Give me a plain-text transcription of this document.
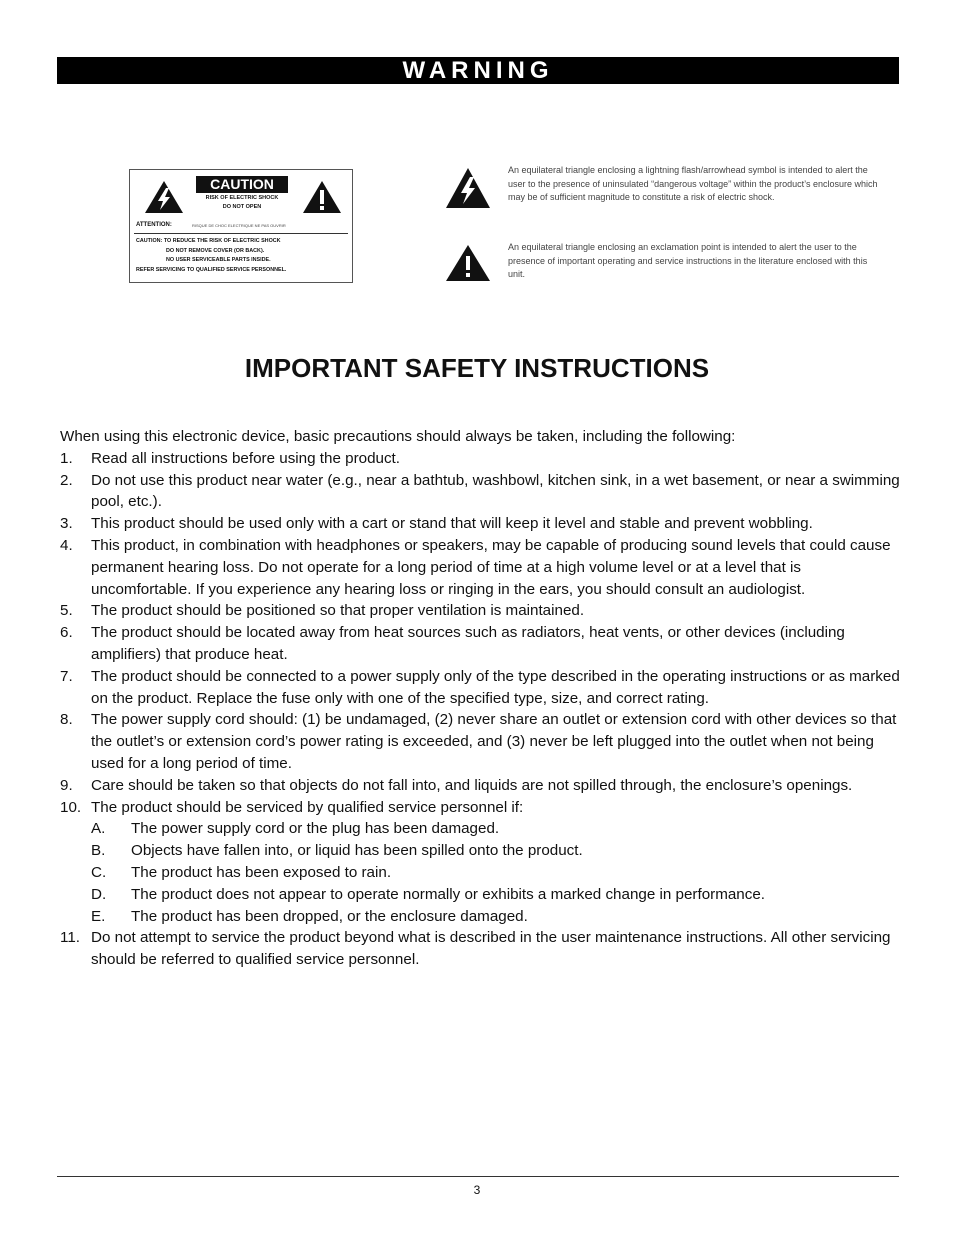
WARNING
CAUTION
RISK OF ELECTRIC SHOCK
DO NOT OPEN
ATTENTION:	RISQUE DE CHOC ELECTRIQUE NE PAS OUVRIR
CAUTION: TO REDUCE THE RISK OF ELECTRIC SHOCK
DO NOT REMOVE COVER (OR BACK).
NO USER SERVICEABLE PARTS INSIDE.
REFER SERVICING TO QUALIFIED SERVICE PERSONNEL.
An equilateral triangle enclosing a lightning flash/arrowhead symbol is intended to alert the user to the presence of uninsulated “dangerous voltage” within the product’s enclosure which may be of sufficient magnitude to constitute a risk of electric shock.
An equilateral triangle enclosing an exclamation point is intended to alert the user to the presence of important operating and service instructions in the literature enclosed with this unit.
IMPORTANT SAFETY INSTRUCTIONS

When using this electronic device, basic precautions should always be taken, including the following:

1.	Read all instructions before using the product.
2.	Do not use this product near water (e.g., near a bathtub, washbowl, kitchen sink, in a wet basement, or near a swimming pool, etc.).
3.	This product should be used only with a cart or stand that will keep it level and stable and prevent wobbling.
4.	This product, in combination with headphones or speakers, may be capable of producing sound levels that could cause permanent hearing loss. Do not operate for a long period of time at a high volume level or at a level that is uncomfortable. If you experience any hearing loss or ringing in the ears, you should consult an audiologist.
5.	The product should be positioned so that proper ventilation is maintained.
6.	The product should be located away from heat sources such as radiators, heat vents, or other devices (including amplifiers) that produce heat.
7.	The product should be connected to a power supply only of the type described in the operating instructions or as marked on the product. Replace the fuse only with one of the specified type, size, and correct rating.
8.	The power supply cord should: (1) be undamaged, (2) never share an outlet or extension cord with other devices so that the outlet’s or extension cord’s power rating is exceeded, and (3) never be left plugged into the outlet when not being used for a long period of time.
9.	Care should be taken so that objects do not fall into, and liquids are not spilled through, the enclosure’s openings.
10. The product should be serviced by qualified service personnel if:
A.	The power supply cord or the plug has been damaged.
B.	Objects have fallen into, or liquid has been spilled onto the product.
C.	The product has been exposed to rain.
D.	The product does not appear to operate normally or exhibits a marked change in performance.
E.	The product has been dropped, or the enclosure damaged.
11. Do not attempt to service the product beyond what is described in the user maintenance instructions. All other servicing should be referred to qualified service personnel.
3
